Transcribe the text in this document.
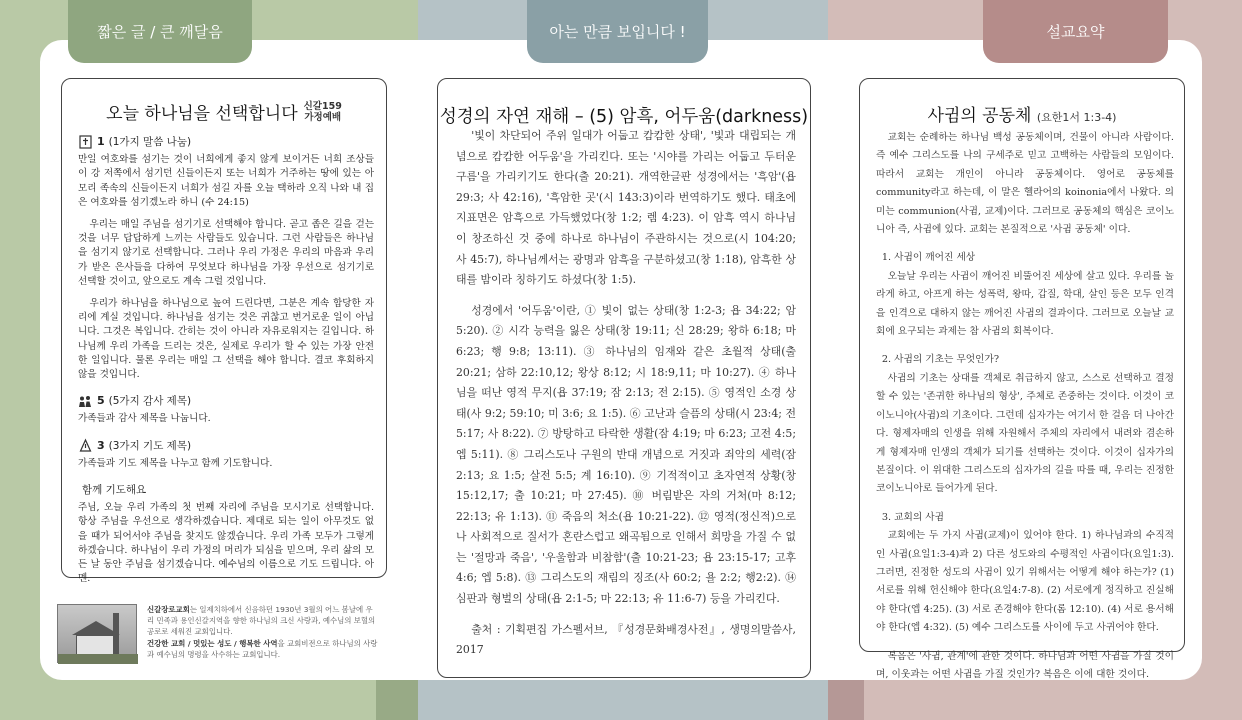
짧은 글 / 큰 깨달음	아는 만큼 보입니다 !	설교요약
오늘 하나님을 선택합니다 신갈159
가정예배
1 (1가지 말씀 나눔)

만일 여호와를 섬기는 것이 너희에게 좋지 않게 보이거든 너희 조상들이 강 저쪽에서 섬기던 신들이든지 또는 너희가 거주하는 땅에 있는 아모리 족속의 신들이든지 너희가 섬길 자를 오늘 택하라 오직 나와 내 집은 여호와를 섬기겠노라 하니 (수 24:15)

우리는 매일 주님을 섬기기로 선택해야 합니다. 곧고 좁은 길을 걷는 것을 너무 답답하게 느끼는 사람들도 있습니다. 그런 사람들은 하나님을 섬기지 않기로 선택합니다. 그러나 우리 가정은 우리의 마음과 우리가 받은 은사들을 다하여 무엇보다 하나님을 가장 우선으로 섬기기로 선택할 것이고, 앞으로도 계속 그럴 것입니다.

우리가 하나님을 하나님으로 높여 드린다면, 그분은 계속 합당한 자리에 계실 것입니다. 하나님을 섬기는 것은 귀찮고 번거로운 일이 아닙니다. 그것은 복입니다. 간히는 것이 아니라 자유로워지는 길입니다. 하나님께 우리 가족을 드리는 것은, 실제로 우리가 할 수 있는 가장 안전한 일입니다. 물론 우리는 매일 그 선택을 해야 합니다. 결코 후회하지 않을 것입니다.

5 (5가지 감사 제목)

가족들과 감사 제목을 나눕니다.

3 (3가지 기도 제목)

가족들과 기도 제목을 나누고 함께 기도합니다.

함께 기도해요

주님, 오늘 우리 가족의 첫 번째 자리에 주님을 모시기로 선택합니다. 항상 주님을 우선으로 생각하겠습니다. 제대로 되는 일이 아무것도 없을 때가 되어서야 주님을 찾지도 않겠습니다. 우리 가족 모두가 그렇게 하겠습니다. 하나님이 우리 가정의 머리가 되심을 믿으며, 우리 삶의 모든 날 동안 주님을 섬기겠습니다. 예수님의 이름으로 기도 드립니다. 아멘.

신갈장로교회는 일제치하에서 신음하던 1930년 3월의 어느 봄날에 우리 민족과 용인신갈지역을 향한 하나님의 크신 사랑과, 예수님의 보혈의 공로로 세워진 교회입니다.
건강한 교회 / 멋있는 성도 / 행복한 사역을 교회비전으로 하나님의 사랑과 예수님의 명령을 사수하는 교회입니다.
성경의 자연 재해 – (5) 암흑, 어두움(darkness)

'빛이 차단되어 주위 일대가 어둡고 캄캄한 상태', '빛과 대립되는 개념으로 캄캄한 어두움'을 가리킨다. 또는 '시야를 가리는 어둡고 두터운 구름'을 가리키기도 한다(출 20:21). 개역한글판 성경에서는 '흑암'(욥 29:3; 사 42:16), '흑암한 곳'(시 143:3)이라 번역하기도 했다. 태초에 지표면은 암흑으로 가득했었다(창 1:2; 렘 4:23). 이 암흑 역시 하나님이 창조하신 것 중에 하나로 하나님이 주관하시는 것으로(시 104:20; 사 45:7), 하나님께서는 광명과 암흑을 구분하셨고(창 1:18), 암흑한 상태를 밤이라 칭하기도 하셨다(창 1:5).

성경에서 '어두움'이란, ① 빛이 없는 상태(창 1:2-3; 욥 34:22; 암 5:20). ② 시각 능력을 잃은 상태(창 19:11; 신 28:29; 왕하 6:18; 마 6:23; 행 9:8; 13:11). ③ 하나님의 임재와 같은 초월적 상태(출 20:21; 삼하 22:10,12; 왕상 8:12; 시 18:9,11; 마 10:27). ④ 하나님을 떠난 영적 무지(욥 37:19; 잠 2:13; 전 2:15). ⑤ 영적인 소경 상태(사 9:2; 59:10; 미 3:6; 요 1:5). ⑥ 고난과 슬픔의 상태(시 23:4; 전 5:17; 사 8:22). ⑦ 방탕하고 타락한 생활(잠 4:19; 마 6:23; 고전 4:5; 엡 5:11). ⑧ 그리스도나 구원의 반대 개념으로 거짓과 죄악의 세력(잠 2:13; 요 1:5; 살전 5:5; 계 16:10). ⑨ 기적적이고 초자연적 상황(창 15:12,17; 출 10:21; 마 27:45). ⑩ 버림받은 자의 거처(마 8:12; 22:13; 유 1:13). ⑪ 죽음의 처소(욥 10:21-22). ⑫ 영적(정신적)으로나 사회적으로 질서가 혼란스럽고 왜곡됨으로 인해서 희망을 가질 수 없는 '절망과 죽음', '우울함과 비참함'(출 10:21-23; 욥 23:15-17; 고후 4:6; 엡 5:8). ⑬ 그리스도의 재림의 징조(사 60:2; 욜 2:2; 행2:2). ⑭ 심판과 형벌의 상태(욥 2:1-5; 마 22:13; 유 11:6-7) 등을 가리킨다.

출처 : 기획편집 가스펠서브, 『성경문화배경사전』, 생명의말씀사, 2017

사귐의 공동체 (요한1서 1:3-4)

교회는 순례하는 하나님 백성 공동체이며, 건물이 아니라 사람이다. 즉 예수 그리스도를 나의 구세주로 믿고 고백하는 사람들의 모임이다. 따라서 교회는 개인이 아니라 공동체이다. 영어로 공동체를 community라고 하는데, 이 말은 헬라어의 koinonia에서 나왔다. 의미는 communion(사귐, 교제)이다. 그러므로 공동체의 핵심은 코이노니아 즉, 사귐에 있다. 교회는 본질적으로 '사귐 공동체' 이다.

1. 사귐이 깨어진 세상

오늘날 우리는 사귐이 깨어진 비뚤어진 세상에 살고 있다. 우리를 놀라게 하고, 아프게 하는 성폭력, 왕따, 갑질, 학대, 살인 등은 모두 인격을 인격으로 대하지 않는 깨어진 사귐의 결과이다. 그러므로 오늘날 교회에 요구되는 과제는 참 사귐의 회복이다.

2. 사귐의 기초는 무엇인가?

사귐의 기초는 상대를 객체로 취급하지 않고, 스스로 선택하고 결정할 수 있는 '존귀한 하나님의 형상', 주체로 존중하는 것이다. 이것이 코이노니아(사귐)의 기초이다. 그런데 십자가는 여기서 한 걸음 더 나아간다. 형제자매의 인생을 위해 자원해서 주체의 자리에서 내려와 겸손하게 형제자매 인생의 객체가 되기를 선택하는 것이다. 이것이 십자가의 본질이다. 이 위대한 그리스도의 십자가의 길을 따를 때, 우리는 진정한 코이노니아로 들어가게 된다.

3. 교회의 사귐

교회에는 두 가지 사귐(교제)이 있어야 한다. 1) 하나님과의 수직적인 사귐(요일1:3-4)과 2) 다른 성도와의 수평적인 사귐이다(요일1:3). 그러면, 진정한 성도의 사귐이 있기 위해서는 어떻게 해야 하는가? (1) 서로를 위해 헌신해야 한다(요일4:7-8). (2) 서로에게 정직하고 진실해야 한다(엡 4:25). (3) 서로 존경해야 한다(롬 12:10). (4) 서로 용서해야 한다(엡 4:32). (5) 예수 그리스도를 사이에 두고 사귀어야 한다.

복음은 '사귐, 관계'에 관한 것이다. 하나님과 어떤 사귐을 가질 것이며, 이웃과는 어떤 사귐을 가질 것인가? 복음은 이에 대한 것이다.
